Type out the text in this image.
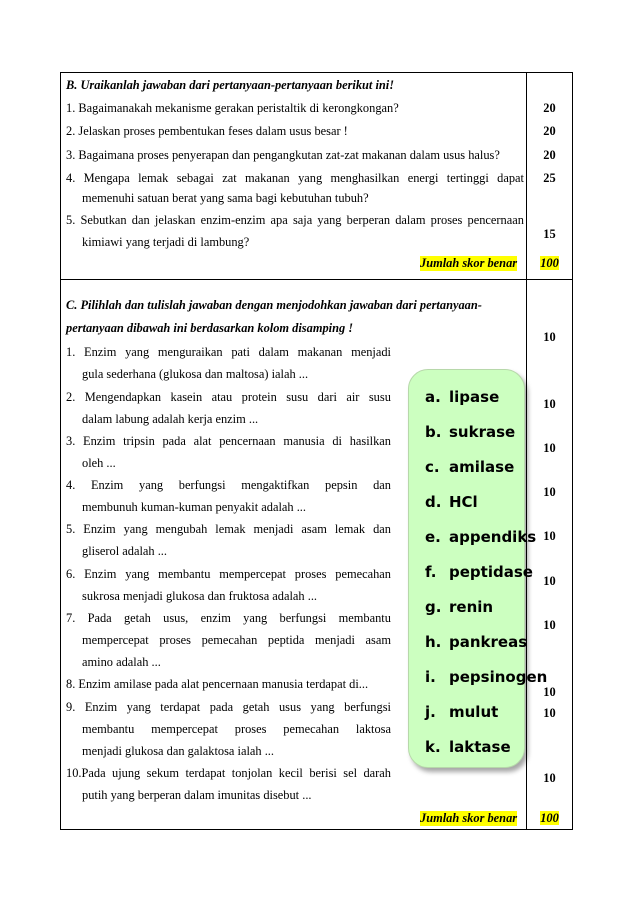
B. Uraikanlah jawaban dari pertanyaan-pertanyaan berikut ini!
1. Bagaimanakah mekanisme gerakan peristaltik di kerongkongan?
2. Jelaskan proses pembentukan feses dalam usus besar !
3. Bagaimana proses penyerapan dan pengangkutan zat-zat makanan dalam usus halus?
4. Mengapa lemak sebagai zat makanan yang menghasilkan energi tertinggi dapat
memenuhi satuan berat yang sama bagi kebutuhan tubuh?
5. Sebutkan dan jelaskan enzim-enzim apa saja yang berperan dalam proses pencernaan
kimiawi yang terjadi di lambung?
20
20
20
25
15
Jumlah skor benar	100
C. Pilihlah dan tulislah jawaban dengan menjodohkan jawaban dari pertanyaan-
pertanyaan dibawah ini berdasarkan kolom disamping !
1. Enzim yang menguraikan pati dalam makanan menjadi
gula sederhana (glukosa dan maltosa) ialah ...
2. Mengendapkan kasein atau protein susu dari air susu
dalam labung adalah kerja enzim ...
3. Enzim tripsin pada alat pencernaan manusia di hasilkan
oleh ...
4. Enzim yang berfungsi mengaktifkan pepsin dan
membunuh kuman-kuman penyakit adalah ...
5. Enzim yang mengubah lemak menjadi asam lemak dan
gliserol adalah ...
6. Enzim yang membantu mempercepat proses pemecahan
sukrosa menjadi glukosa dan fruktosa adalah ...
7. Pada getah usus, enzim yang berfungsi membantu
mempercepat proses pemecahan peptida menjadi asam
amino adalah ...
8. Enzim amilase pada alat pencernaan manusia terdapat di...
9. Enzim yang terdapat pada getah usus yang berfungsi
membantu mempercepat proses pemecahan laktosa
menjadi glukosa dan galaktosa ialah ...
10.Pada ujung sekum terdapat tonjolan kecil berisi sel darah
putih yang berperan dalam imunitas disebut ...
10
10
10
10
10
10
10
10
10
10
Jumlah skor benar	100
a. lipase
b. sukrase
c. amilase
d. HCl
e. appendiks
f. peptidase
g. renin
h. pankreas
i. pepsinogen
j. mulut
k. laktase
